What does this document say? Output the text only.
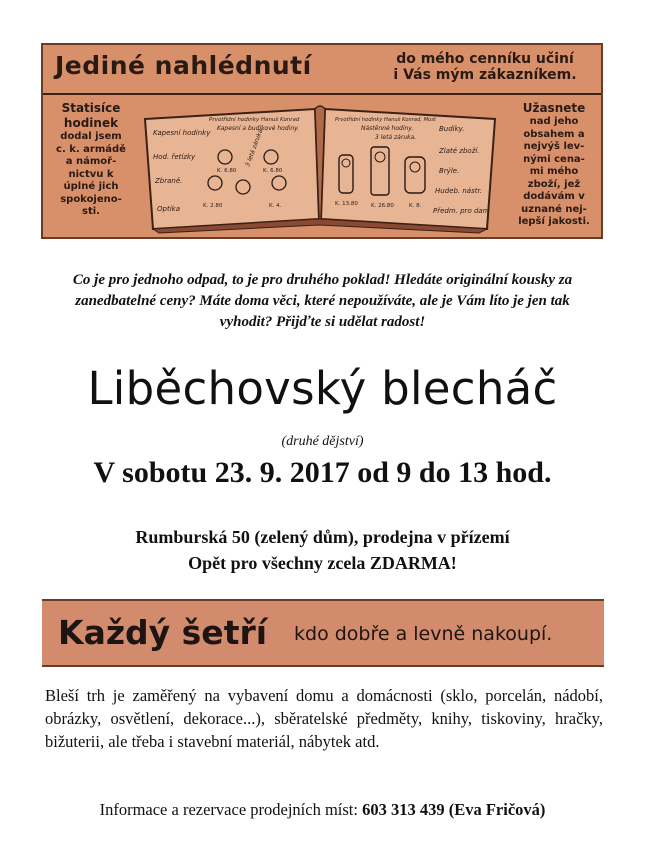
Jediné nahlédnutí	do mého cenníku učiní
i Vás mým zákazníkem.
Statisíce
hodinek
dodal jsem
c. k. armádě
a námoř-
nictvu k
úplné jich
spokojeno-
sti.
Kapesní hodinky
Hod. řetízky
Zbraně.
Optika
Prvotřídní hodinky Hanuš Konrad
Kapesní a budíkové hodiny.
3 letá záruka.
K. 6.80	K. 6.80
K. 2.80	K. 4.
Prvotřídní hodinky Hanuš Konrad, Most
Nástěnné hodiny.
3 letá záruka.
K. 13.80 K. 26.80	K. 8.
Budíky.
Zlaté zboží.
Brýle.
Hudeb. nástr.
Předm. pro dam
Užasnete
nad jeho
obsahem a
nejvýš lev-
nými cena-
mi mého
zboží, jež
dodávám v
uznané nej-
lepší jakosti.
Co je pro jednoho odpad, to je pro druhého poklad! Hledáte originální kousky za zanedbatelné ceny? Máte doma věci, které nepoužíváte, ale je Vám líto je jen tak vyhodit? Přijďte si udělat radost!
Liběchovský blecháč
(druhé dějství)
V sobotu 23. 9. 2017 od 9 do 13 hod.
Rumburská 50 (zelený dům), prodejna v přízemí
Opět pro všechny zcela ZDARMA!
Každý šetří kdo dobře a levně nakoupí.
Bleší trh je zaměřený na vybavení domu a domácnosti (sklo, porcelán, nádobí, obrázky, osvětlení, dekorace...), sběratelské předměty, knihy, tiskoviny, hračky, bižuterii, ale třeba i stavební materiál, nábytek atd.
Informace a rezervace prodejních míst: 603 313 439 (Eva Fričová)
